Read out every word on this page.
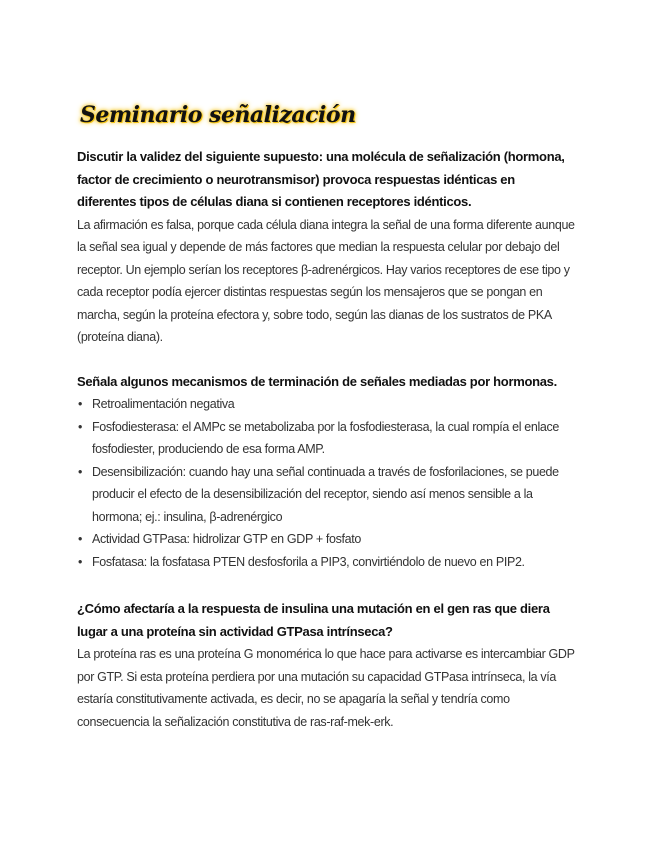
Seminario señalización

Discutir la validez del siguiente supuesto: una molécula de señalización (hormona, factor de crecimiento o neurotransmisor) provoca respuestas idénticas en diferentes tipos de células diana si contienen receptores idénticos.

La afirmación es falsa, porque cada célula diana integra la señal de una forma diferente aunque la señal sea igual y depende de más factores que median la respuesta celular por debajo del receptor. Un ejemplo serían los receptores β-adrenérgicos. Hay varios receptores de ese tipo y cada receptor podía ejercer distintas respuestas según los mensajeros que se pongan en marcha, según la proteína efectora y, sobre todo, según las dianas de los sustratos de PKA (proteína diana).

Señala algunos mecanismos de terminación de señales mediadas por hormonas.

• Retroalimentación negativa
• Fosfodiesterasa: el AMPc se metabolizaba por la fosfodiesterasa, la cual rompía el enlace fosfodiester, produciendo de esa forma AMP.
• Desensibilización: cuando hay una señal continuada a través de fosforilaciones, se puede producir el efecto de la desensibilización del receptor, siendo así menos sensible a la hormona; ej.: insulina, β-adrenérgico
• Actividad GTPasa: hidrolizar GTP en GDP + fosfato
• Fosfatasa: la fosfatasa PTEN desfosforila a PIP3, convirtiéndolo de nuevo en PIP2.

¿Cómo afectaría a la respuesta de insulina una mutación en el gen ras que diera lugar a una proteína sin actividad GTPasa intrínseca?

La proteína ras es una proteína G monomérica lo que hace para activarse es intercambiar GDP por GTP. Si esta proteína perdiera por una mutación su capacidad GTPasa intrínseca, la vía estaría constitutivamente activada, es decir, no se apagaría la señal y tendría como consecuencia la señalización constitutiva de ras-raf-mek-erk.
